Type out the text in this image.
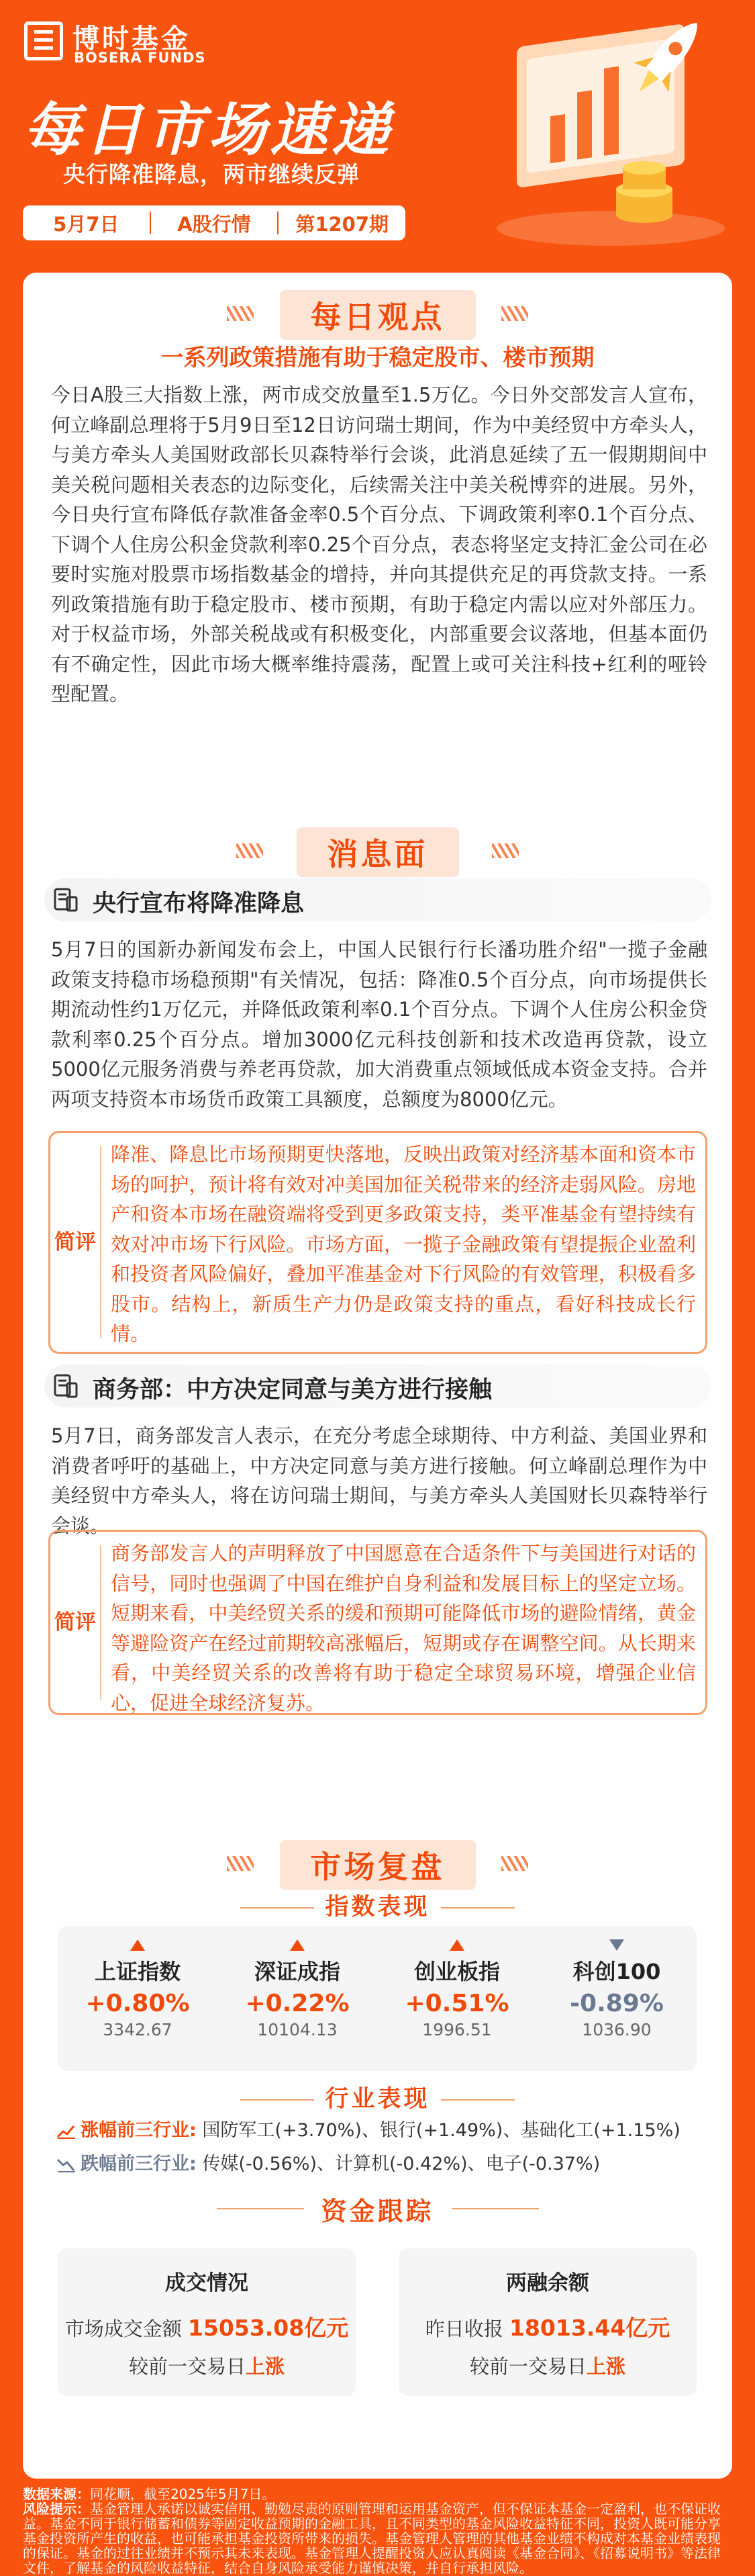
博时基金
BOSERA FUNDS
每日市场速递
央行降准降息，两市继续反弹
5月7日	A股行情	第1207期
每日观点
一系列政策措施有助于稳定股市、楼市预期
今日A股三大指数上涨，两市成交放量至1.5万亿。今日外交部发言人宣布，何立峰副总理将于5月9日至12日访问瑞士期间，作为中美经贸中方牵头人，与美方牵头人美国财政部长贝森特举行会谈，此消息延续了五一假期期间中美关税问题相关表态的边际变化，后续需关注中美关税博弈的进展。另外，今日央行宣布降低存款准备金率0.5个百分点、下调政策利率0.1个百分点、下调个人住房公积金贷款利率0.25个百分点，表态将坚定支持汇金公司在必要时实施对股票市场指数基金的增持，并向其提供充足的再贷款支持。一系列政策措施有助于稳定股市、楼市预期，有助于稳定内需以应对外部压力。对于权益市场，外部关税战或有积极变化，内部重要会议落地，但基本面仍有不确定性，因此市场大概率维持震荡，配置上或可关注科技+红利的哑铃型配置。
消息面
央行宣布将降准降息
5月7日的国新办新闻发布会上，中国人民银行行长潘功胜介绍"一揽子金融政策支持稳市场稳预期"有关情况，包括：降准0.5个百分点，向市场提供长期流动性约1万亿元，并降低政策利率0.1个百分点。下调个人住房公积金贷款利率0.25个百分点。增加3000亿元科技创新和技术改造再贷款，设立5000亿元服务消费与养老再贷款，加大消费重点领域低成本资金支持。合并两项支持资本市场货币政策工具额度，总额度为8000亿元。
简评
降准、降息比市场预期更快落地，反映出政策对经济基本面和资本市场的呵护，预计将有效对冲美国加征关税带来的经济走弱风险。房地产和资本市场在融资端将受到更多政策支持，类平准基金有望持续有效对冲市场下行风险。市场方面，一揽子金融政策有望提振企业盈利和投资者风险偏好，叠加平准基金对下行风险的有效管理，积极看多股市。结构上，新质生产力仍是政策支持的重点，看好科技成长行情。
商务部：中方决定同意与美方进行接触
5月7日，商务部发言人表示，在充分考虑全球期待、中方利益、美国业界和消费者呼吁的基础上，中方决定同意与美方进行接触。何立峰副总理作为中美经贸中方牵头人，将在访问瑞士期间，与美方牵头人美国财长贝森特举行会谈。
简评
商务部发言人的声明释放了中国愿意在合适条件下与美国进行对话的信号，同时也强调了中国在维护自身利益和发展目标上的坚定立场。短期来看，中美经贸关系的缓和预期可能降低市场的避险情绪，黄金等避险资产在经过前期较高涨幅后，短期或存在调整空间。从长期来看，中美经贸关系的改善将有助于稳定全球贸易环境，增强企业信心，促进全球经济复苏。
市场复盘
指数表现
上证指数
+0.80%
3342.67
深证成指
+0.22%
10104.13
创业板指
+0.51%
1996.51
科创100
-0.89%
1036.90
行业表现
涨幅前三行业: 国防军工(+3.70%)、银行(+1.49%)、基础化工(+1.15%)
跌幅前三行业: 传媒(-0.56%)、计算机(-0.42%)、电子(-0.37%)
资金跟踪
成交情况
市场成交金额 15053.08亿元
较前一交易日上涨
两融余额
昨日收报 18013.44亿元
较前一交易日上涨
数据来源：同花顺，截至2025年5月7日。
风险提示：基金管理人承诺以诚实信用、勤勉尽责的原则管理和运用基金资产，但不保证本基金一定盈利，也不保证收益。基金不同于银行储蓄和债券等固定收益预期的金融工具，且不同类型的基金风险收益特征不同，投资人既可能分享基金投资所产生的收益，也可能承担基金投资所带来的损失。基金管理人管理的其他基金业绩不构成对本基金业绩表现的保证。基金的过往业绩并不预示其未来表现。基金管理人提醒投资人应认真阅读《基金合同》、《招募说明书》等法律文件，了解基金的风险收益特征，结合自身风险承受能力谨慎决策，并自行承担风险。
